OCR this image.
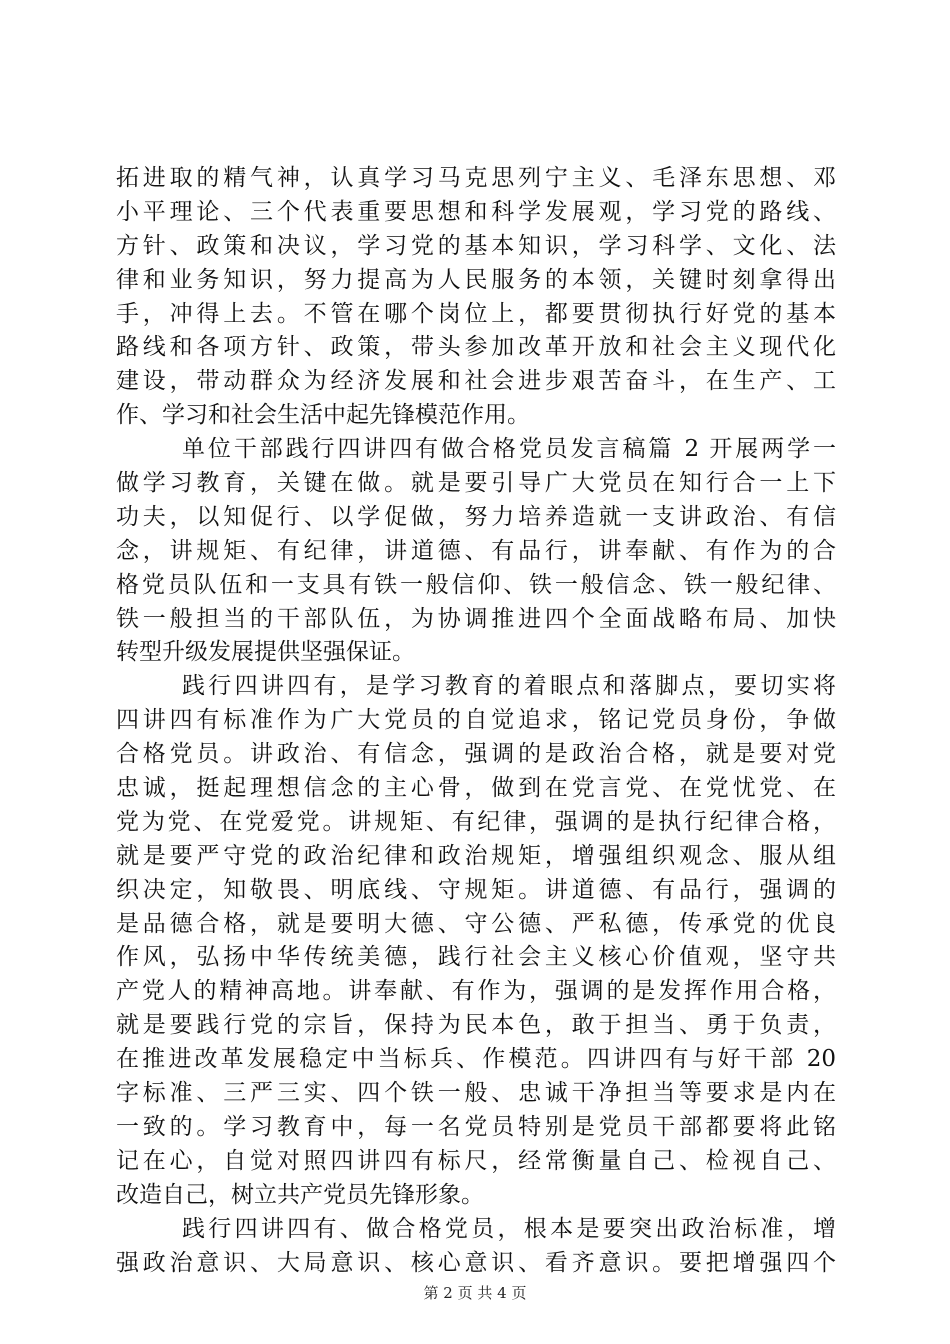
拓进取的精气神，认真学习马克思列宁主义、毛泽东思想、邓
小平理论、三个代表重要思想和科学发展观，学习党的路线、
方针、政策和决议，学习党的基本知识，学习科学、文化、法
律和业务知识，努力提高为人民服务的本领，关键时刻拿得出
手，冲得上去。不管在哪个岗位上，都要贯彻执行好党的基本
路线和各项方针、政策，带头参加改革开放和社会主义现代化
建设，带动群众为经济发展和社会进步艰苦奋斗，在生产、工
作、学习和社会生活中起先锋模范作用。
单位干部践行四讲四有做合格党员发言稿篇 2 开展两学一
做学习教育，关键在做。就是要引导广大党员在知行合一上下
功夫，以知促行、以学促做，努力培养造就一支讲政治、有信
念，讲规矩、有纪律，讲道德、有品行，讲奉献、有作为的合
格党员队伍和一支具有铁一般信仰、铁一般信念、铁一般纪律、
铁一般担当的干部队伍，为协调推进四个全面战略布局、加快
转型升级发展提供坚强保证。
践行四讲四有，是学习教育的着眼点和落脚点，要切实将
四讲四有标准作为广大党员的自觉追求，铭记党员身份，争做
合格党员。讲政治、有信念，强调的是政治合格，就是要对党
忠诚，挺起理想信念的主心骨，做到在党言党、在党忧党、在
党为党、在党爱党。讲规矩、有纪律，强调的是执行纪律合格，
就是要严守党的政治纪律和政治规矩，增强组织观念、服从组
织决定，知敬畏、明底线、守规矩。讲道德、有品行，强调的
是品德合格，就是要明大德、守公德、严私德，传承党的优良
作风，弘扬中华传统美德，践行社会主义核心价值观，坚守共
产党人的精神高地。讲奉献、有作为，强调的是发挥作用合格，
就是要践行党的宗旨，保持为民本色，敢于担当、勇于负责，
在推进改革发展稳定中当标兵、作模范。四讲四有与好干部 20
字标准、三严三实、四个铁一般、忠诚干净担当等要求是内在
一致的。学习教育中，每一名党员特别是党员干部都要将此铭
记在心，自觉对照四讲四有标尺，经常衡量自己、检视自己、
改造自己，树立共产党员先锋形象。
践行四讲四有、做合格党员，根本是要突出政治标准，增
强政治意识、大局意识、核心意识、看齐意识。要把增强四个
第 2 页 共 4 页
